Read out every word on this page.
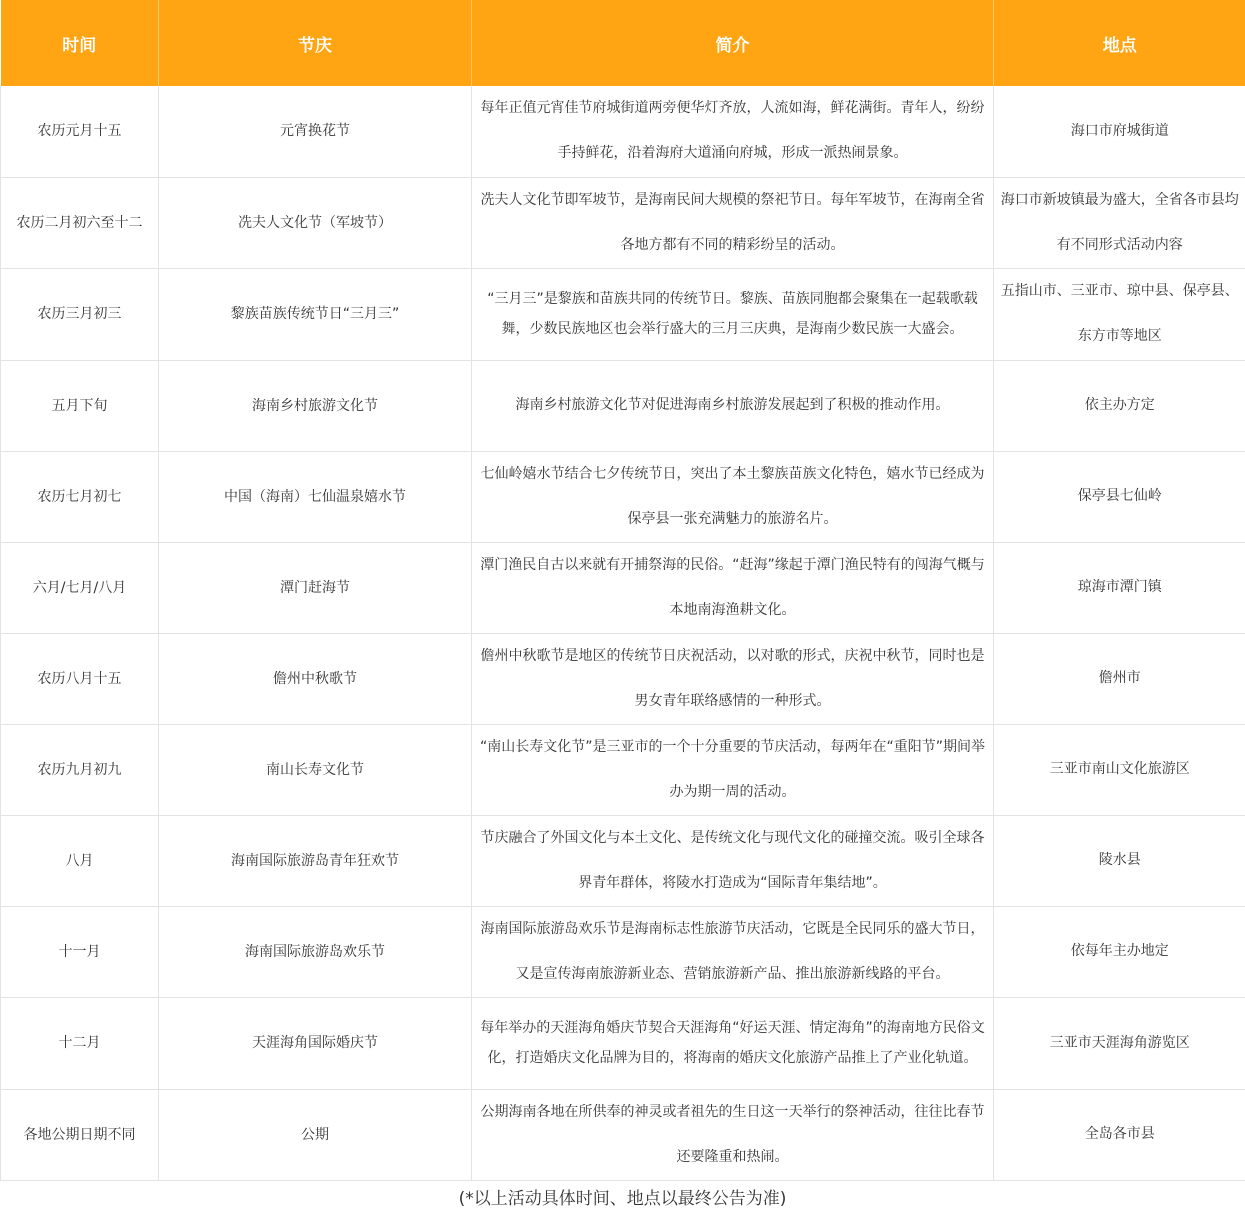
时间	节庆	简介	地点
农历元月十五	元宵换花节	每年正值元宵佳节府城街道两旁便华灯齐放，人流如海，鲜花满街。青年人，纷纷手持鲜花，沿着海府大道涌向府城，形成一派热闹景象。	海口市府城街道
农历二月初六至十二	冼夫人文化节（军坡节）	冼夫人文化节即军坡节，是海南民间大规模的祭祀节日。每年军坡节，在海南全省各地方都有不同的精彩纷呈的活动。	海口市新坡镇最为盛大，全省各市县均有不同形式活动内容
农历三月初三	黎族苗族传统节日“三月三”	“三月三”是黎族和苗族共同的传统节日。黎族、苗族同胞都会聚集在一起载歌载舞，少数民族地区也会举行盛大的三月三庆典，是海南少数民族一大盛会。	五指山市、三亚市、琼中县、保亭县、东方市等地区
五月下旬	海南乡村旅游文化节	海南乡村旅游文化节对促进海南乡村旅游发展起到了积极的推动作用。	依主办方定
农历七月初七	中国（海南）七仙温泉嬉水节	七仙岭嬉水节结合七夕传统节日，突出了本土黎族苗族文化特色，嬉水节已经成为保亭县一张充满魅力的旅游名片。	保亭县七仙岭
六月/七月/八月	潭门赶海节	潭门渔民自古以来就有开捕祭海的民俗。“赶海”缘起于潭门渔民特有的闯海气概与本地南海渔耕文化。	琼海市潭门镇
农历八月十五	儋州中秋歌节	儋州中秋歌节是地区的传统节日庆祝活动，以对歌的形式，庆祝中秋节，同时也是男女青年联络感情的一种形式。	儋州市
农历九月初九	南山长寿文化节	“南山长寿文化节”是三亚市的一个十分重要的节庆活动，每两年在“重阳节”期间举办为期一周的活动。	三亚市南山文化旅游区
八月	海南国际旅游岛青年狂欢节	节庆融合了外国文化与本土文化、是传统文化与现代文化的碰撞交流。吸引全球各界青年群体，将陵水打造成为“国际青年集结地”。	陵水县
十一月	海南国际旅游岛欢乐节	海南国际旅游岛欢乐节是海南标志性旅游节庆活动，它既是全民同乐的盛大节日，又是宣传海南旅游新业态、营销旅游新产品、推出旅游新线路的平台。	依每年主办地定
十二月	天涯海角国际婚庆节	每年举办的天涯海角婚庆节契合天涯海角“好运天涯、情定海角”的海南地方民俗文化，打造婚庆文化品牌为目的，将海南的婚庆文化旅游产品推上了产业化轨道。	三亚市天涯海角游览区
各地公期日期不同	公期	公期海南各地在所供奉的神灵或者祖先的生日这一天举行的祭神活动，往往比春节还要隆重和热闹。	全岛各市县
(*以上活动具体时间、地点以最终公告为准)
